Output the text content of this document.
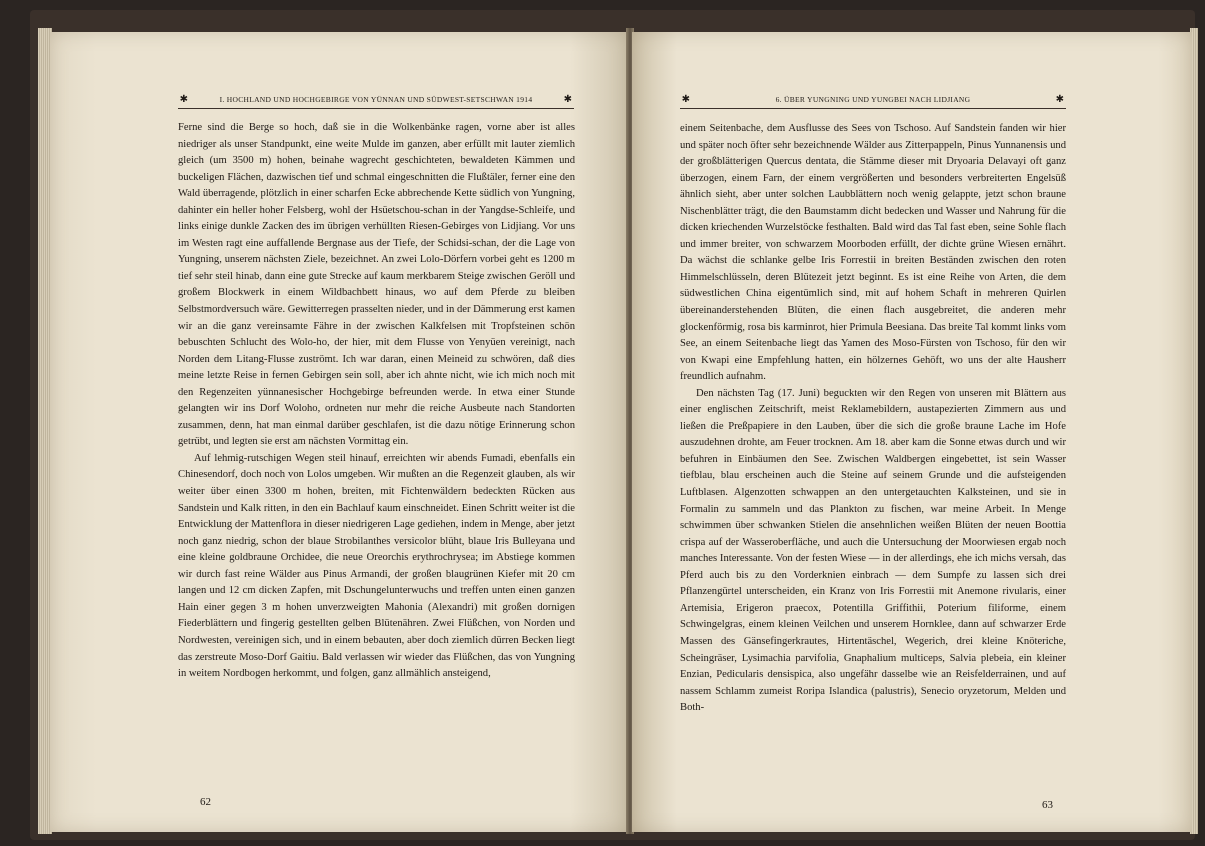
✱	I. HOCHLAND UND HOCHGEBIRGE VON YÜNNAN UND SÜDWEST-SETSCHWAN 1914	✱

Ferne sind die Berge so hoch, daß sie in die Wolkenbänke ragen, vorne aber ist alles niedriger als unser Standpunkt, eine weite Mulde im ganzen, aber erfüllt mit lauter ziemlich gleich (um 3500 m) hohen, beinahe wagrecht geschichteten, bewaldeten Kämmen und buckeligen Flächen, dazwischen tief und schmal eingeschnitten die Flußtäler, ferner eine den Wald überragende, plötzlich in einer scharfen Ecke abbrechende Kette südlich von Yungning, dahinter ein heller hoher Felsberg, wohl der Hsüetschou-schan in der Yangdse-Schleife, und links einige dunkle Zacken des im übrigen verhüllten Riesen-Gebirges von Lidjiang. Vor uns im Westen ragt eine auffallende Bergnase aus der Tiefe, der Schidsi-schan, der die Lage von Yungning, unserem nächsten Ziele, bezeichnet. An zwei Lolo-Dörfern vorbei geht es 1200 m tief sehr steil hinab, dann eine gute Strecke auf kaum merkbarem Steige zwischen Geröll und großem Blockwerk in einem Wildbachbett hinaus, wo auf dem Pferde zu bleiben Selbstmordversuch wäre. Gewitterregen prasselten nieder, und in der Dämmerung erst kamen wir an die ganz vereinsamte Fähre in der zwischen Kalkfelsen mit Tropfsteinen schön bebuschten Schlucht des Wolo-ho, der hier, mit dem Flusse von Yenyüen vereinigt, nach Norden dem Litang-Flusse zuströmt. Ich war daran, einen Meineid zu schwören, daß dies meine letzte Reise in fernen Gebirgen sein soll, aber ich ahnte nicht, wie ich mich noch mit den Regenzeiten yünnanesischer Hochgebirge befreunden werde. In etwa einer Stunde gelangten wir ins Dorf Woloho, ordneten nur mehr die reiche Ausbeute nach Standorten zusammen, denn, hat man einmal darüber geschlafen, ist die dazu nötige Erinnerung schon getrübt, und legten sie erst am nächsten Vormittag ein.

Auf lehmig-rutschigen Wegen steil hinauf, erreichten wir abends Fumadi, ebenfalls ein Chinesendorf, doch noch von Lolos umgeben. Wir mußten an die Regenzeit glauben, als wir weiter über einen 3300 m hohen, breiten, mit Fichtenwäldern bedeckten Rücken aus Sandstein und Kalk ritten, in den ein Bachlauf kaum einschneidet. Einen Schritt weiter ist die Entwicklung der Mattenflora in dieser niedrigeren Lage gediehen, indem in Menge, aber jetzt noch ganz niedrig, schon der blaue Strobilanthes versicolor blüht, blaue Iris Bulleyana und eine kleine goldbraune Orchidee, die neue Oreorchis erythrochrysea; im Abstiege kommen wir durch fast reine Wälder aus Pinus Armandi, der großen blaugrünen Kiefer mit 20 cm langen und 12 cm dicken Zapfen, mit Dschungelunterwuchs und treffen unten einen ganzen Hain einer gegen 3 m hohen unverzweigten Mahonia (Alexandri) mit großen dornigen Fiederblättern und fingerig gestellten gelben Blütenähren. Zwei Flüßchen, von Norden und Nordwesten, vereinigen sich, und in einem bebauten, aber doch ziemlich dürren Becken liegt das zerstreute Moso-Dorf Gaitiu. Bald verlassen wir wieder das Flüßchen, das von Yungning in weitem Nordbogen herkommt, und folgen, ganz allmählich ansteigend,

62
✱	6. ÜBER YUNGNING UND YUNGBEI NACH LIDJIANG	✱

einem Seitenbache, dem Ausflusse des Sees von Tschoso. Auf Sandstein fanden wir hier und später noch öfter sehr bezeichnende Wälder aus Zitterpappeln, Pinus Yunnanensis und der großblätterigen Quercus dentata, die Stämme dieser mit Dryoaria Delavayi oft ganz überzogen, einem Farn, der einem vergrößerten und besonders verbreiterten Engelsüß ähnlich sieht, aber unter solchen Laubblättern noch wenig gelappte, jetzt schon braune Nischenblätter trägt, die den Baumstamm dicht bedecken und Wasser und Nahrung für die dicken kriechenden Wurzelstöcke festhalten. Bald wird das Tal fast eben, seine Sohle flach und immer breiter, von schwarzem Moorboden erfüllt, der dichte grüne Wiesen ernährt. Da wächst die schlanke gelbe Iris Forrestii in breiten Beständen zwischen den roten Himmelschlüsseln, deren Blütezeit jetzt beginnt. Es ist eine Reihe von Arten, die dem südwestlichen China eigentümlich sind, mit auf hohem Schaft in mehreren Quirlen übereinanderstehenden Blüten, die einen flach ausgebreitet, die anderen mehr glockenförmig, rosa bis karminrot, hier Primula Beesiana. Das breite Tal kommt links vom See, an einem Seitenbache liegt das Yamen des Moso-Fürsten von Tschoso, für den wir von Kwapi eine Empfehlung hatten, ein hölzernes Gehöft, wo uns der alte Hausherr freundlich aufnahm.

Den nächsten Tag (17. Juni) beguckten wir den Regen von unseren mit Blättern aus einer englischen Zeitschrift, meist Reklamebildern, austapezierten Zimmern aus und ließen die Preßpapiere in den Lauben, über die sich die große braune Lache im Hofe auszudehnen drohte, am Feuer trocknen. Am 18. aber kam die Sonne etwas durch und wir befuhren in Einbäumen den See. Zwischen Waldbergen eingebettet, ist sein Wasser tiefblau, blau erscheinen auch die Steine auf seinem Grunde und die aufsteigenden Luftblasen. Algenzotten schwappen an den untergetauchten Kalksteinen, und sie in Formalin zu sammeln und das Plankton zu fischen, war meine Arbeit. In Menge schwimmen über schwanken Stielen die ansehnlichen weißen Blüten der neuen Boottia crispa auf der Wasseroberfläche, und auch die Untersuchung der Moorwiesen ergab noch manches Interessante. Von der festen Wiese — in der allerdings, ehe ich michs versah, das Pferd auch bis zu den Vorderknien einbrach — dem Sumpfe zu lassen sich drei Pflanzengürtel unterscheiden, ein Kranz von Iris Forrestii mit Anemone rivularis, einer Artemisia, Erigeron praecox, Potentilla Griffithii, Poterium filiforme, einem Schwingelgras, einem kleinen Veilchen und unserem Hornklee, dann auf schwarzer Erde Massen des Gänsefingerkrautes, Hirtentäschel, Wegerich, drei kleine Knöteriche, Scheingräser, Lysimachia parvifolia, Gnaphalium multiceps, Salvia plebeia, ein kleiner Enzian, Pedicularis densispica, also ungefähr dasselbe wie an Reisfelderrainen, und auf nassem Schlamm zumeist Roripa Islandica (palustris), Senecio oryzetorum, Melden und Both-

63
